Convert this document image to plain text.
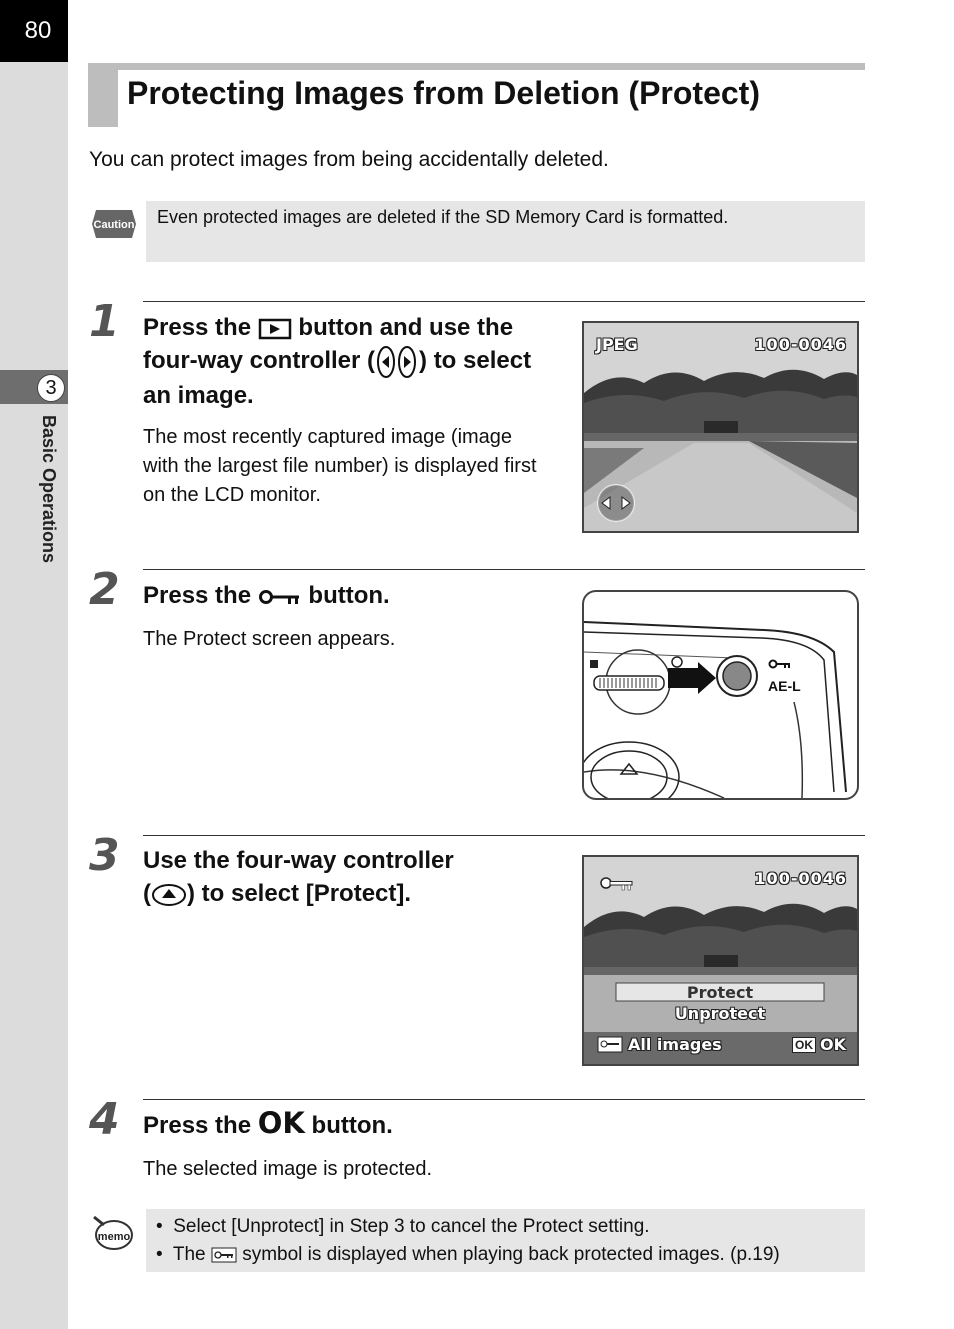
80
3
Basic Operations
Protecting Images from Deletion (Protect)

You can protect images from being accidentally deleted.

Caution	Even protected images are deleted if the SD Memory Card is formatted.
1 Press the button and use the four-way controller ( ) to select an image.
The most recently captured image (image with the largest file number) is displayed first on the LCD monitor.
JPEG	100-0046
2 Press the button.
The Protect screen appears.
AE-L
3 Use the four-way controller
( ) to select [Protect].
100-0046
Protect
Unprotect
All images	OK OK
4 Press the OK button.
The selected image is protected.
memo •  Select [Unprotect] in Step 3 to cancel the Protect setting.
•  The symbol is displayed when playing back protected images. (p.19)
